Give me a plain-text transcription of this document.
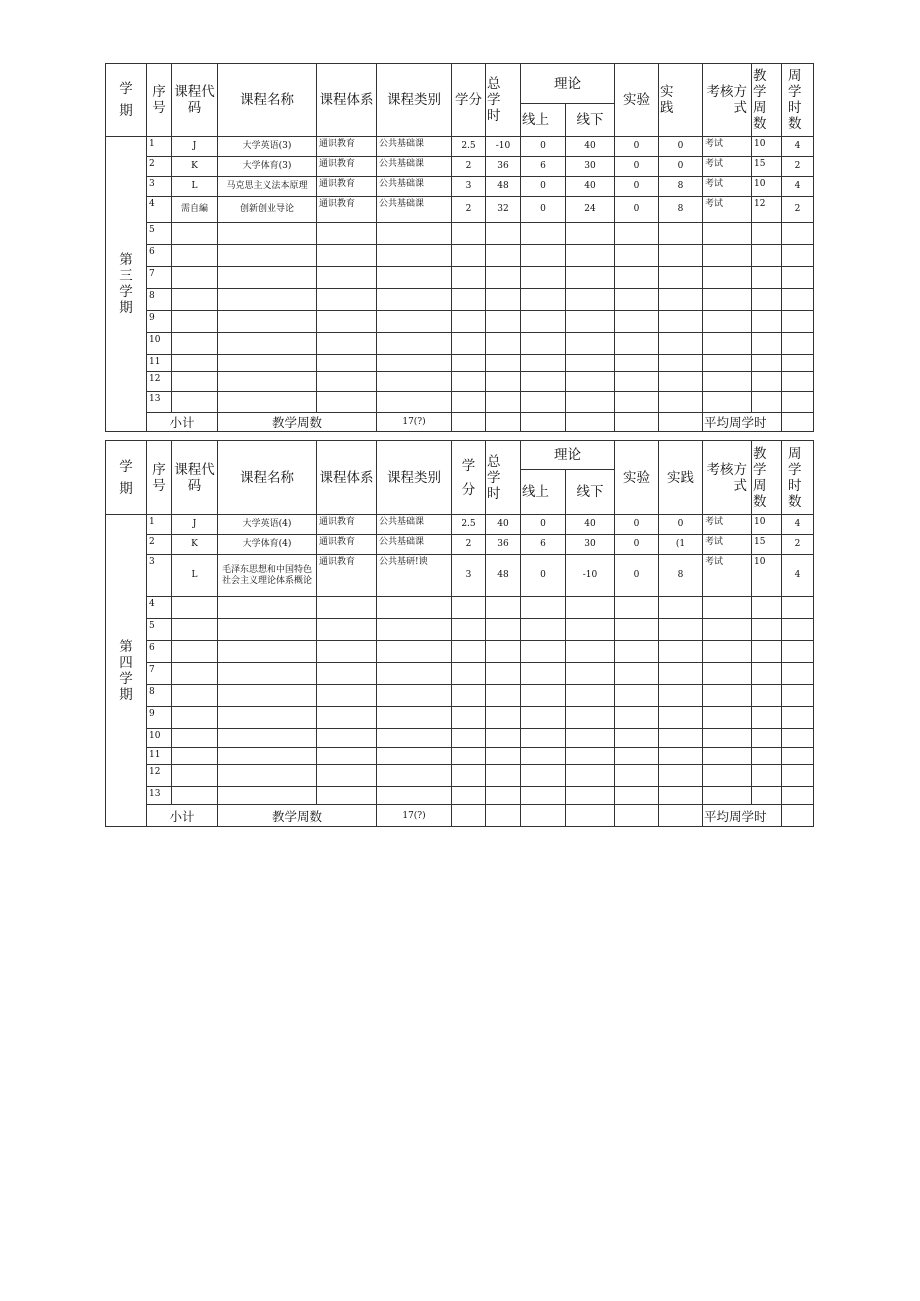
学期	序号	课程代码	课程名称	课程体系	课程类别	学分	总学时	理论		实验	实践	考核方式	教学周数	周学时数
								线上	线下					

第
三
学
期	1	J	大学英语(3)	通识教育	公共基础课	2.5	-10	0	40	0	0	考试	10	4
	2	K	大学体育(3)	通识教育	公共基础课	2	36	6	30	0	0	考试	15	2
	3	L	马克思主义法本原理	通识教育	公共基础课	3	48	0	40	0	8	考试	10	4
	4	需自編	创新创业导论	通识教育	公共基础课	2	32	0	24	0	8	考试	12	2
	5													
	6													
	7													
	8													
	9													
	10													
	11													
	12													
	13													
	小计		教学周数		17(?)							平均周学时		
学期	序号	课程代码	课程名称	课程体系	课程类别	学分	总学时	理论		实验	实践	考核方式	教学周数	周学时数
								线上	线下					

第
四
学
期	1	J	大学英语(4)	通识教育	公共基础课	2.5	40	0	40	0	0	考试	10	4
	2	K	大学体育(4)	通识教育	公共基础课	2	36	6	30	0	(1	考试	15	2
	3	L	毛泽东思想和中国特色社会主义理论体系概论	通识教育	公共基研!谀	3	48	0	-10	0	8	考试	10	4
	4													
	5													
	6													
	7													
	8													
	9													
	10													
	11													
	12													
	13													
	小计		教学周数		17(?)							平均周学时		
